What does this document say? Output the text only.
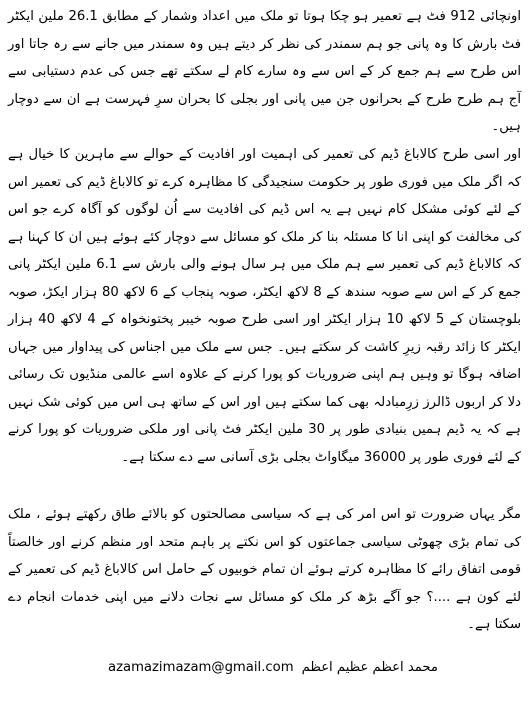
اونچائی 912 فٹ ہے تعمیر ہو چکا ہوتا تو ملک میں اعداد وشمار کے مطابق 26.1 ملین ایکٹر فٹ بارش کا وہ پانی جو ہم سمندر کی نظر کر دیتے ہیں وہ سمندر میں جانے سے رہ جاتا اور اس طرح سے ہم جمع کر کے اس سے وہ سارے کام لے سکتے تھے جس کی عدم دستیابی سے آج ہم طرح طرح کے بحرانوں جن میں پانی اور بجلی کا بحران سرِ فہرست ہے ان سے دوچار ہیں۔

اور اسی طرح کالاباغ ڈیم کی تعمیر کی اہمیت اور افادیت کے حوالے سے ماہرین کا خیال ہے کہ اگر ملک میں فوری طور پر حکومت سنجیدگی کا مظاہرہ کرے تو کالاباغ ڈیم کی تعمیر اس کے لئے کوئی مشکل کام نہیں ہے یہ اس ڈیم کی افادیت سے اُن لوگوں کو آگاہ کرے جو اس کی مخالفت کو اپنی انا کا مسئلہ بنا کر ملک کو مسائل سے دوچار کئے ہوئے ہیں ان کا کہنا ہے کہ کالاباغ ڈیم کی تعمیر سے ہم ملک میں ہر سال ہونے والی بارش سے 6.1 ملین ایکٹر پانی جمع کر کے اس سے صوبہ سندھ کے 8 لاکھ ایکٹر، صوبہ پنجاب کے 6 لاکھ 80 ہزار ایکڑ، صوبہ بلوچستان کے 5 لاکھ 10 ہزار ایکٹر اور اسی طرح صوبہ خیبر پختونخواہ کے 4 لاکھ 40 ہزار ایکٹر کا زائد رقبہ زیرِ کاشت کر سکتے ہیں۔ جس سے ملک میں اجناس کی پیداوار میں جہاں اضافہ ہوگا تو وہیں ہم اپنی ضروریات کو پورا کرنے کے علاوہ اسے عالمی منڈیوں تک رسائی دلا کر اربوں ڈالرز زرِمبادلہ بھی کما سکتے ہیں اور اس کے ساتھ ہی اس میں کوئی شک نہیں ہے کہ یہ ڈیم ہمیں بنیادی طور پر 30 ملین ایکٹر فٹ پانی اور ملکی ضروریات کو پورا کرنے کے لئے فوری طور پر 36000 میگاواٹ بجلی بڑی آسانی سے دے سکتا ہے۔

مگر یہاں ضرورت تو اس امر کی ہے کہ سیاسی مصالحتوں کو بالائے طاق رکھتے ہوئے ، ملک کی تمام بڑی چھوٹی سیاسی جماعتوں کو اس نکتے پر باہم متحد اور منظم کرنے اور خالصتاً قومی اتفاق رائے کا مظاہرہ کرتے ہوئے ان تمام خوبیوں کے حامل اس کالاباغ ڈیم کی تعمیر کے لئے کون ہے ....؟ جو آگے بڑھ کر ملک کو مسائل سے نجات دلانے میں اپنی خدمات انجام دے سکتا ہے۔

azamazimazam@gmail.com محمد اعظم عظیم اعظم
